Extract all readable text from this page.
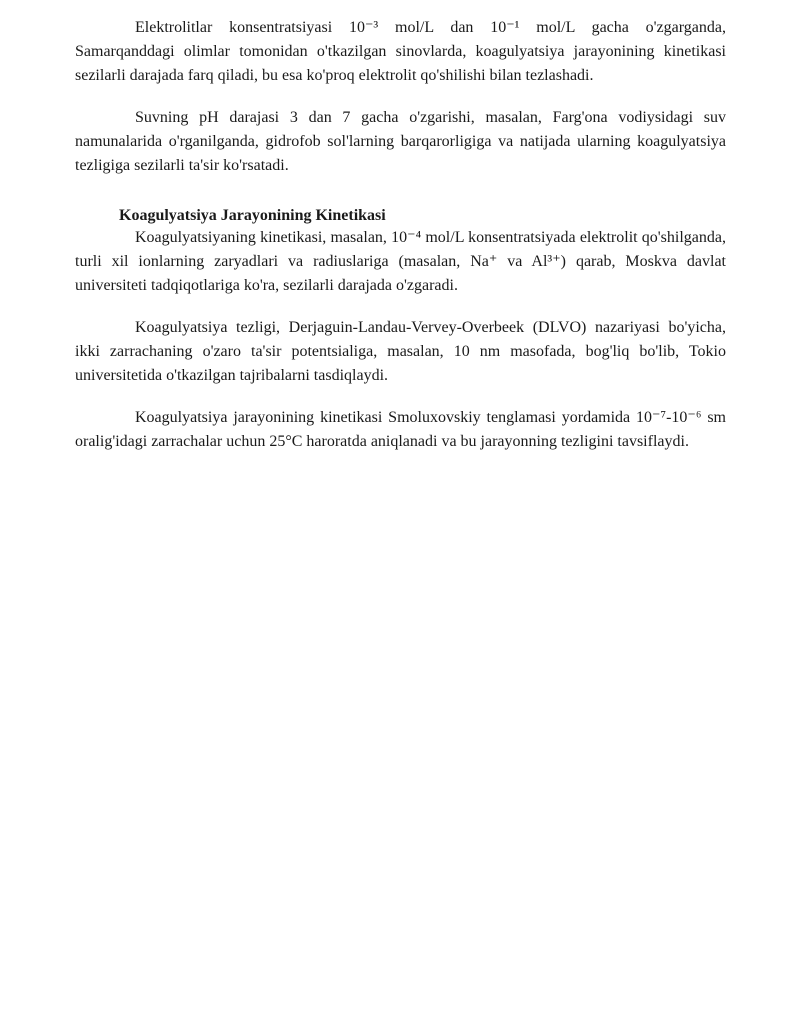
Elektrolitlar konsentratsiyasi 10⁻³ mol/L dan 10⁻¹ mol/L gacha o'zgarganda, Samarqanddagi olimlar tomonidan o'tkazilgan sinovlarda, koagulyatsiya jarayonining kinetikasi sezilarli darajada farq qiladi, bu esa ko'proq elektrolit qo'shilishi bilan tezlashadi.

Suvning pH darajasi 3 dan 7 gacha o'zgarishi, masalan, Farg'ona vodiysidagi suv namunalarida o'rganilganda, gidrofob sol'larning barqarorligiga va natijada ularning koagulyatsiya tezligiga sezilarli ta'sir ko'rsatadi.

Koagulyatsiya Jarayonining Kinetikasi

Koagulyatsiyaning kinetikasi, masalan, 10⁻⁴ mol/L konsentratsiyada elektrolit qo'shilganda, turli xil ionlarning zaryadlari va radiuslariga (masalan, Na⁺ va Al³⁺) qarab, Moskva davlat universiteti tadqiqotlariga ko'ra, sezilarli darajada o'zgaradi.

Koagulyatsiya tezligi, Derjaguin-Landau-Vervey-Overbeek (DLVO) nazariyasi bo'yicha, ikki zarrachaning o'zaro ta'sir potentsialiga, masalan, 10 nm masofada, bog'liq bo'lib, Tokio universitetida o'tkazilgan tajribalarni tasdiqlaydi.

Koagulyatsiya jarayonining kinetikasi Smoluxovskiy tenglamasi yordamida 10⁻⁷-10⁻⁶ sm oralig'idagi zarrachalar uchun 25°C haroratda aniqlanadi va bu jarayonning tezligini tavsiflaydi.
